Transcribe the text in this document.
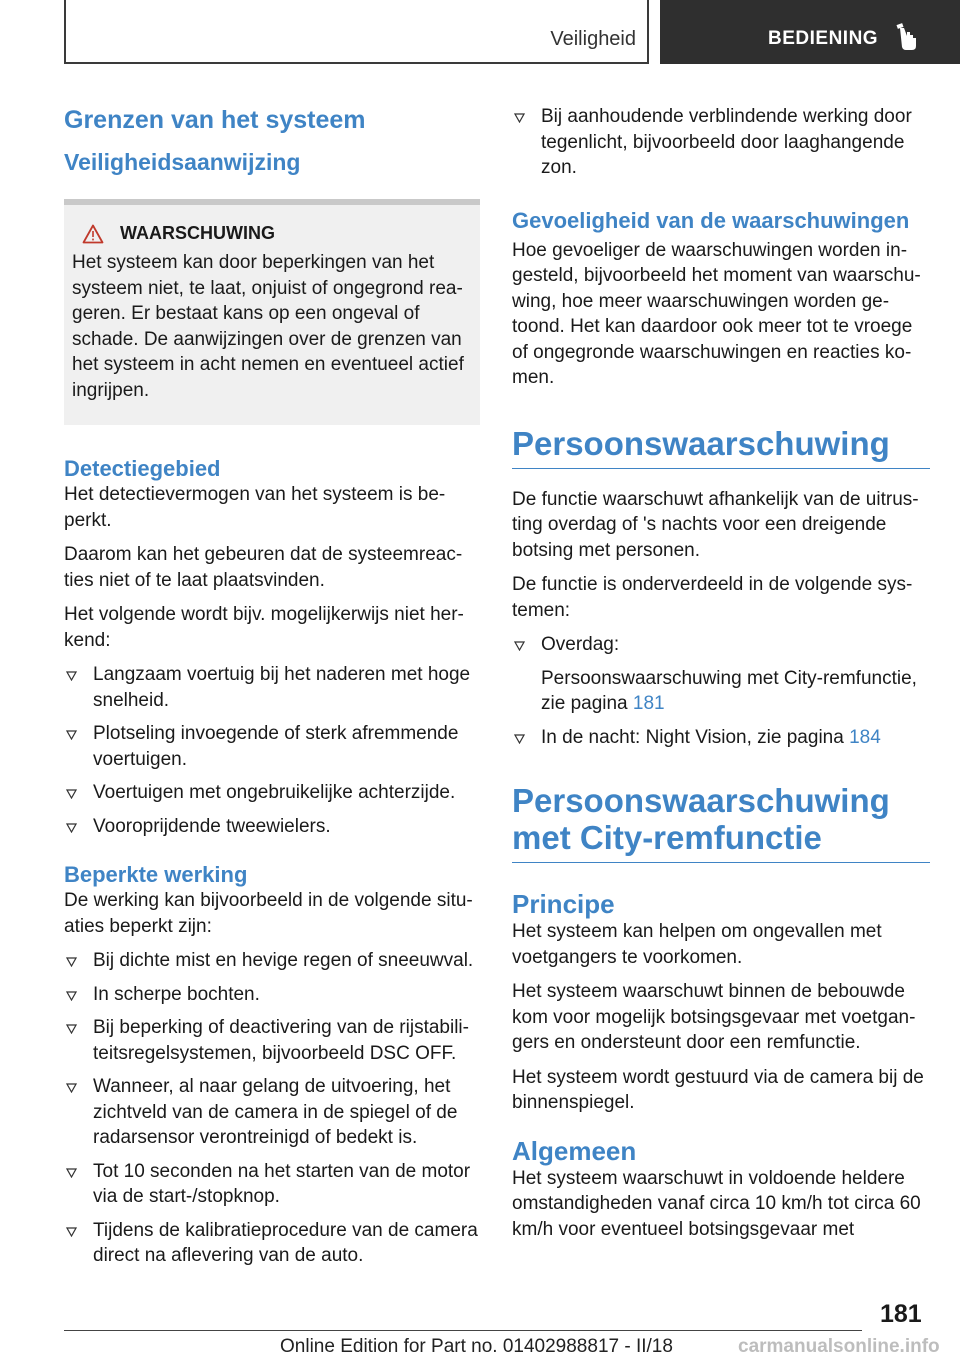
Veiligheid	BEDIENING
Grenzen van het systeem
Veiligheidsaanwijzing
WAARSCHUWING

Het systeem kan door beperkingen van het systeem niet, te laat, onjuist of ongegrond reageren. Er bestaat kans op een ongeval of schade. De aanwijzingen over de grenzen van het systeem in acht nemen en eventueel actief ingrijpen.

Detectiegebied

Het detectievermogen van het systeem is beperkt.

Daarom kan het gebeuren dat de systeemreacties niet of te laat plaatsvinden.

Het volgende wordt bijv. mogelijkerwijs niet herkend:

Langzaam voertuig bij het naderen met hoge snelheid.
Plotseling invoegende of sterk afremmende voertuigen.
Voertuigen met ongebruikelijke achterzijde.
Vooroprijdende tweewielers.
Beperkte werking

De werking kan bijvoorbeeld in de volgende situaties beperkt zijn:

Bij dichte mist en hevige regen of sneeuwval.
In scherpe bochten.
Bij beperking of deactivering van de rijstabiliteitsregelsystemen, bijvoorbeeld DSC OFF.
Wanneer, al naar gelang de uitvoering, het zichtveld van de camera in de spiegel of de radarsensor verontreinigd of bedekt is.
Tot 10 seconden na het starten van de motor via de start-/stopknop.
Tijdens de kalibratieprocedure van de camera direct na aflevering van de auto.
Bij aanhoudende verblindende werking door tegenlicht, bijvoorbeeld door laaghangende zon.
Gevoeligheid van de waarschuwingen

Hoe gevoeliger de waarschuwingen worden ingesteld, bijvoorbeeld het moment van waarschuwing, hoe meer waarschuwingen worden getoond. Het kan daardoor ook meer tot te vroege of ongegronde waarschuwingen en reacties komen.

Persoonswaarschuwing

De functie waarschuwt afhankelijk van de uitrusting overdag of 's nachts voor een dreigende botsing met personen.

De functie is onderverdeeld in de volgende systemen:

Overdag:
Persoonswaarschuwing met City-remfunctie, zie pagina 181
In de nacht: Night Vision, zie pagina 184
Persoonswaarschuwing
met City-remfunctie
Principe

Het systeem kan helpen om ongevallen met voetgangers te voorkomen.

Het systeem waarschuwt binnen de bebouwde kom voor mogelijk botsingsgevaar met voetgangers en ondersteunt door een remfunctie.

Het systeem wordt gestuurd via de camera bij de binnenspiegel.

Algemeen

Het systeem waarschuwt in voldoende heldere omstandigheden vanaf circa 10 km/h tot circa 60 km/h voor eventueel botsingsgevaar met

181
Online Edition for Part no. 01402988817 - II/18	carmanualsonline.info
